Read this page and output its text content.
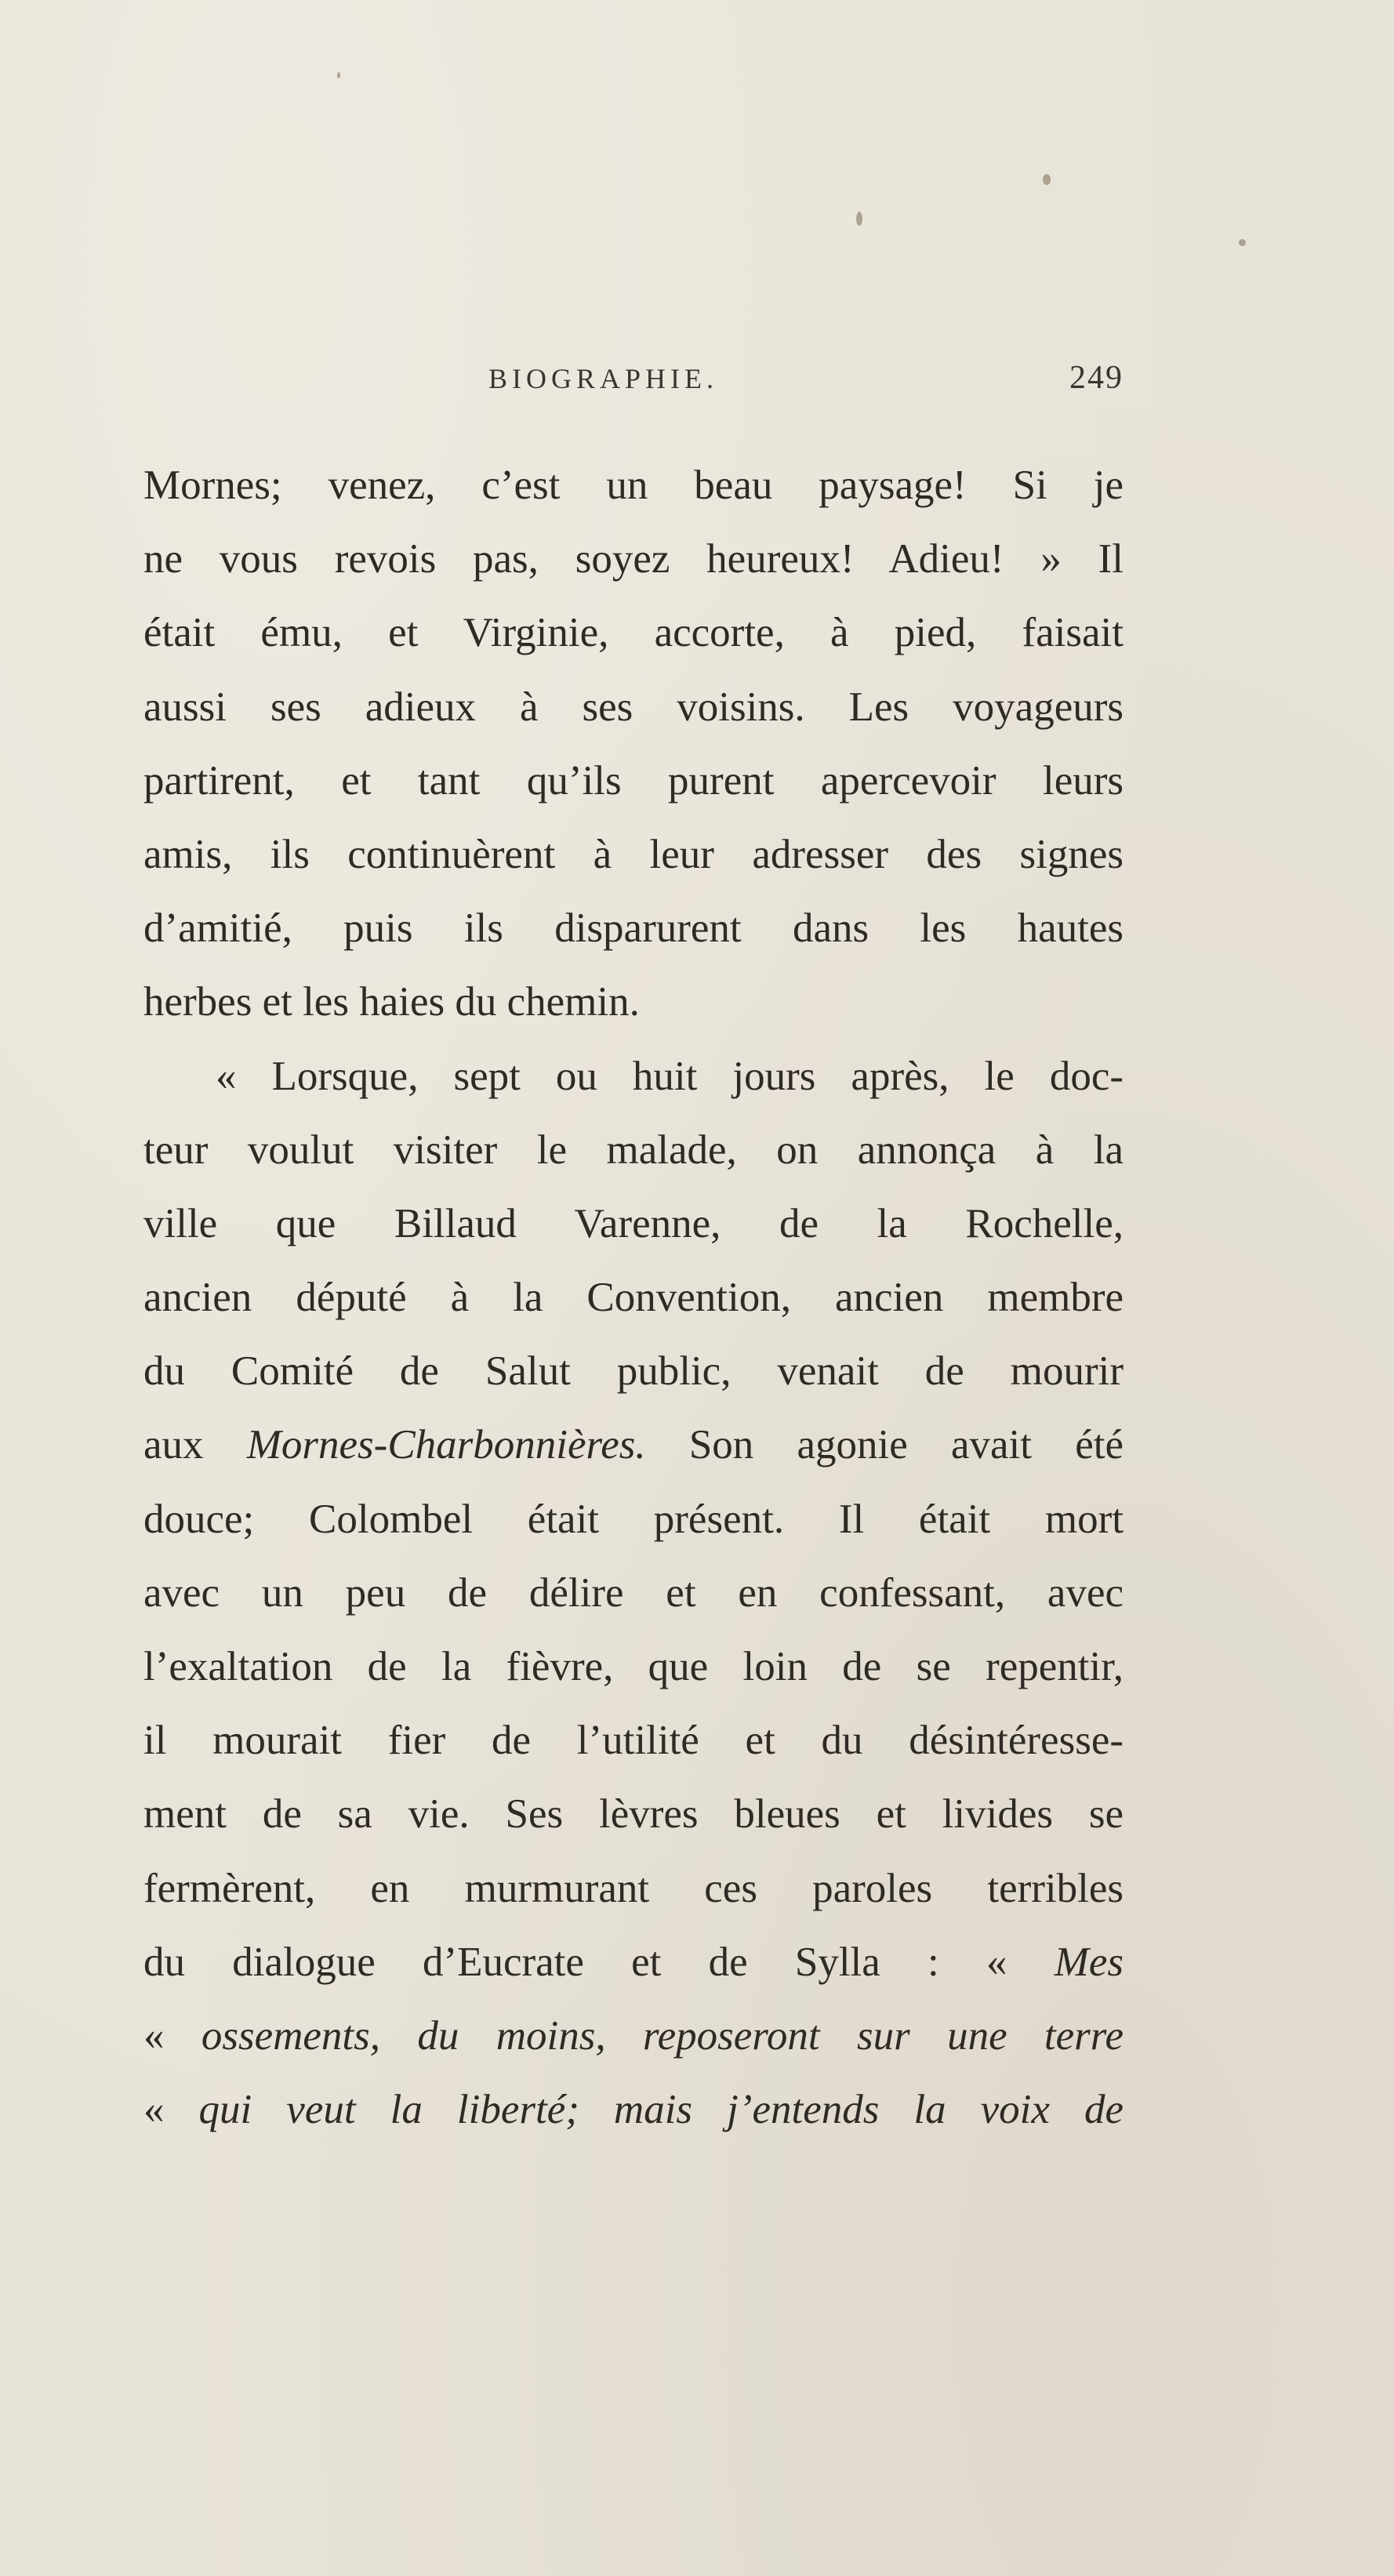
BIOGRAPHIE.	249
Mornes; venez, c’est un beau paysage! Si je
ne vous revois pas, soyez heureux! Adieu! » Il
était ému, et Virginie, accorte, à pied, faisait
aussi ses adieux à ses voisins. Les voyageurs
partirent, et tant qu’ils purent apercevoir leurs
amis, ils continuèrent à leur adresser des signes
d’amitié, puis ils disparurent dans les hautes
herbes et les haies du chemin.
« Lorsque, sept ou huit jours après, le doc-
teur voulut visiter le malade, on annonça à la
ville que Billaud Varenne, de la Rochelle,
ancien député à la Convention, ancien membre
du Comité de Salut public, venait de mourir
aux Mornes-Charbonnières. Son agonie avait été
douce; Colombel était présent. Il était mort
avec un peu de délire et en confessant, avec
l’exaltation de la fièvre, que loin de se repentir,
il mourait fier de l’utilité et du désintéresse-
ment de sa vie. Ses lèvres bleues et livides se
fermèrent, en murmurant ces paroles terribles
du dialogue d’Eucrate et de Sylla : « Mes
« ossements, du moins, reposeront sur une terre
« qui veut la liberté; mais j’entends la voix de
